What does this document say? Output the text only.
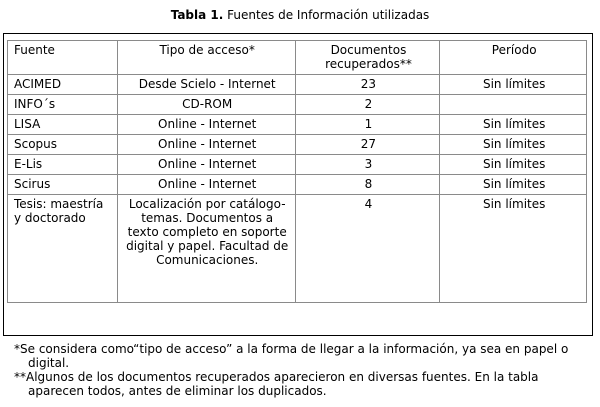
Tabla 1. Fuentes de Información utilizadas
Fuente	Tipo de acceso*	Documentos recuperados**	Período
ACIMED	Desde Scielo - Internet	23	Sin límites
INFO´s	CD-ROM	2	
LISA	Online - Internet	1	Sin límites
Scopus	Online - Internet	27	Sin límites
E-Lis	Online - Internet	3	Sin límites
Scirus	Online - Internet	8	Sin límites
Tesis: maestría y doctorado	Localización por catálogo-temas. Documentos a texto completo en soporte digital y papel. Facultad de Comunicaciones.	4	Sin límites

*Se considera como“tipo de acceso” a la forma de llegar a la información, ya sea en papel o digital.

**Algunos de los documentos recuperados aparecieron en diversas fuentes. En la tabla aparecen todos, antes de eliminar los duplicados.
